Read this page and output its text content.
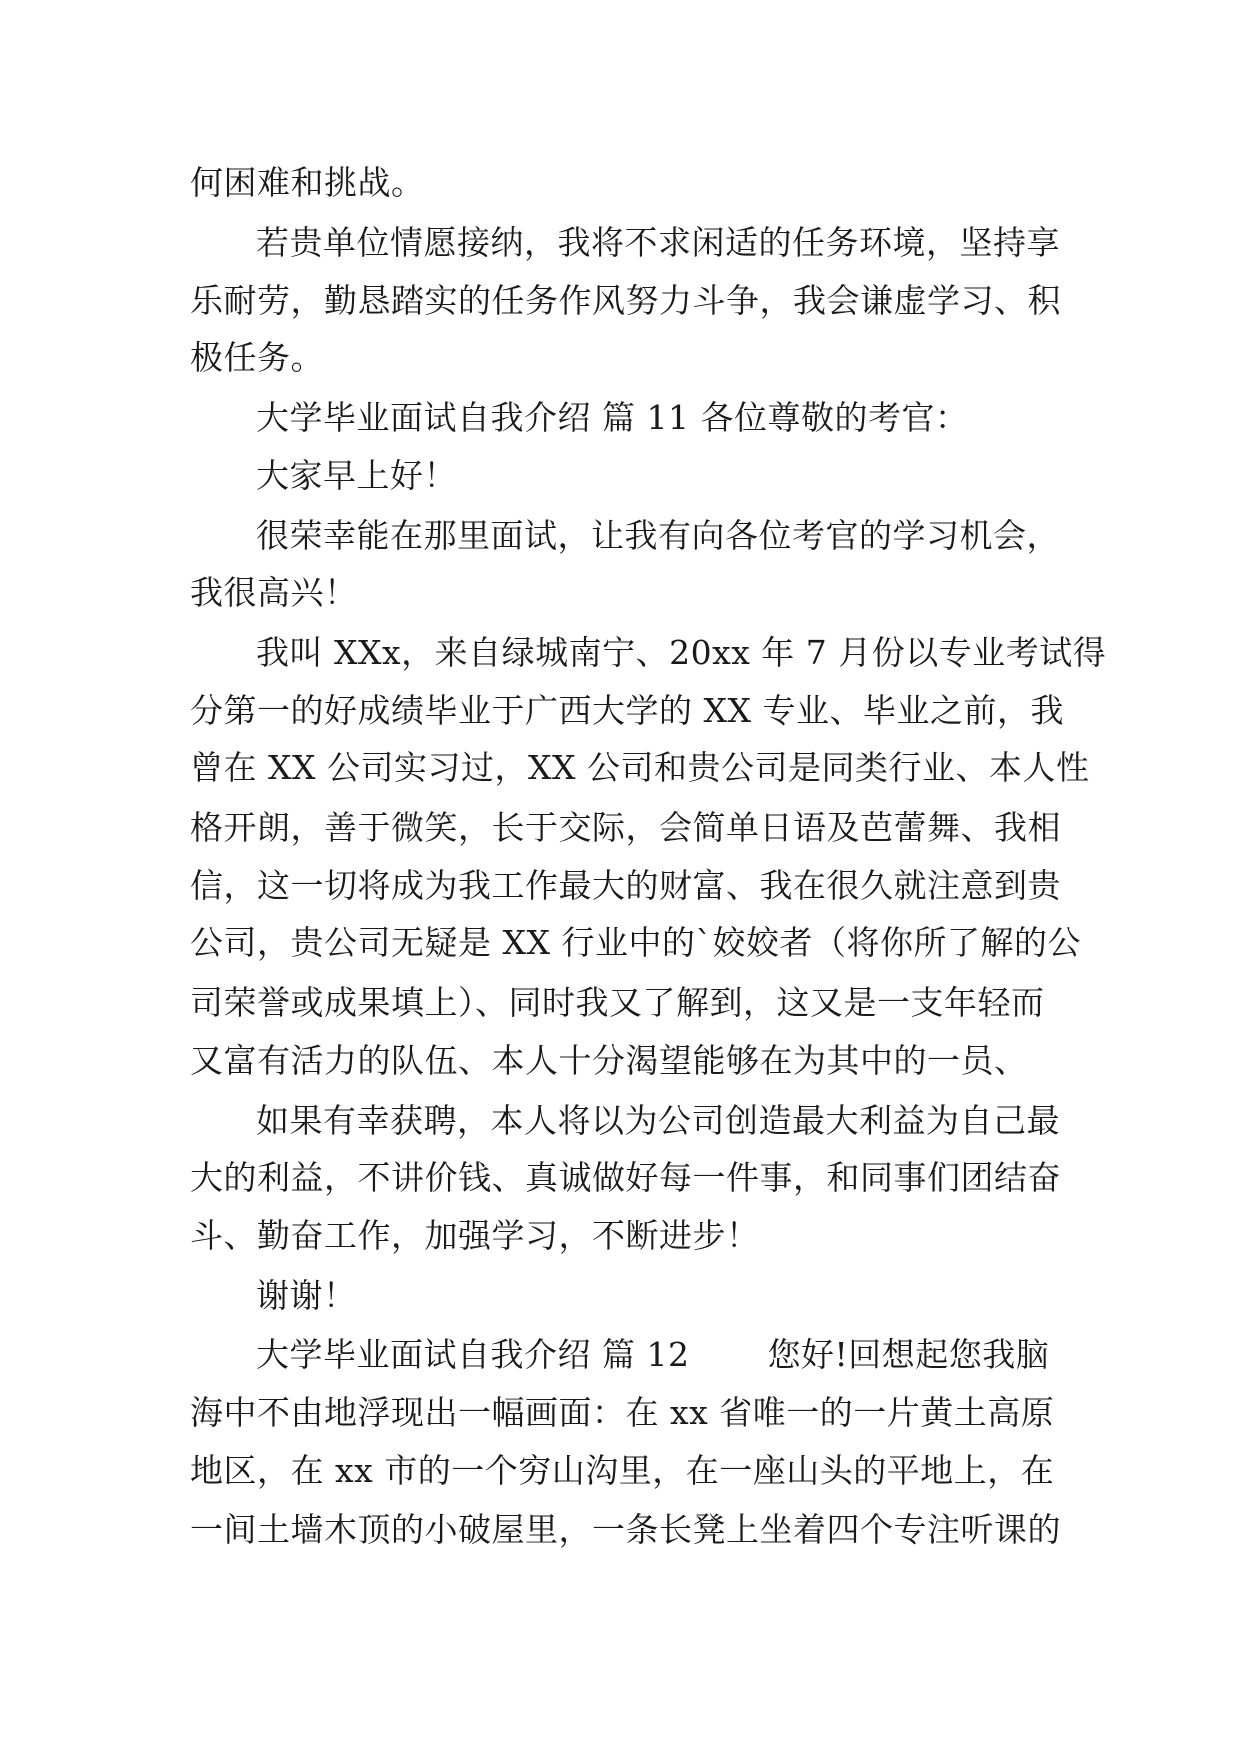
何困难和挑战。
若贵单位情愿接纳，我将不求闲适的任务环境，坚持享
乐耐劳，勤恳踏实的任务作风努力斗争，我会谦虚学习、积
极任务。
大学毕业面试自我介绍 篇 11 各位尊敬的考官：
大家早上好！
很荣幸能在那里面试，让我有向各位考官的学习机会，
我很高兴！
我叫 XXx，来自绿城南宁、20xx 年 7 月份以专业考试得
分第一的好成绩毕业于广西大学的 XX 专业、毕业之前，我
曾在 XX 公司实习过，XX 公司和贵公司是同类行业、本人性
格开朗，善于微笑，长于交际，会简单日语及芭蕾舞、我相
信，这一切将成为我工作最大的财富、我在很久就注意到贵
公司，贵公司无疑是 XX 行业中的`姣姣者（将你所了解的公
司荣誉或成果填上）、同时我又了解到，这又是一支年轻而
又富有活力的队伍、本人十分渴望能够在为其中的一员、
如果有幸获聘，本人将以为公司创造最大利益为自己最
大的利益，不讲价钱、真诚做好每一件事，和同事们团结奋
斗、勤奋工作，加强学习，不断进步！
谢谢！
大学毕业面试自我介绍 篇 12　　 您好!回想起您我脑
海中不由地浮现出一幅画面：在 xx 省唯一的一片黄土高原
地区，在 xx 市的一个穷山沟里，在一座山头的平地上，在
一间土墙木顶的小破屋里，一条长凳上坐着四个专注听课的
